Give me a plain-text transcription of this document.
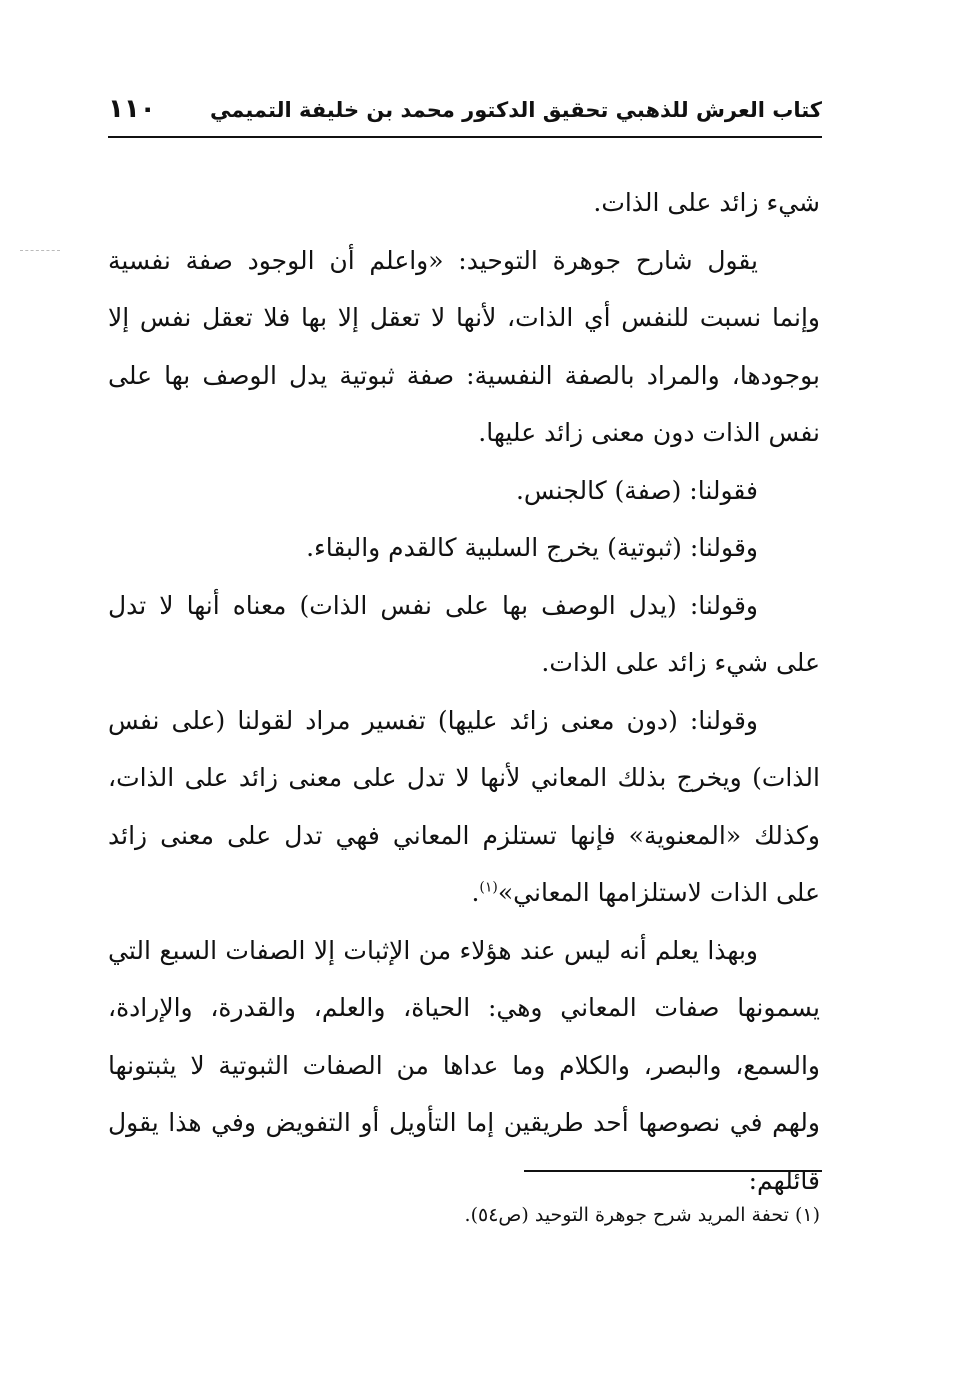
كتاب العرش للذهبي تحقيق الدكتور محمد بن خليفة التميمي
١١٠

شيء زائد على الذات.

يقول شارح جوهرة التوحيد: «واعلم أن الوجود صفة نفسية وإنما نسبت للنفس أي الذات، لأنها لا تعقل إلا بها فلا تعقل نفس إلا بوجودها، والمراد بالصفة النفسية: صفة ثبوتية يدل الوصف بها على نفس الذات دون معنى زائد عليها.

فقولنا: (صفة) كالجنس.

وقولنا: (ثبوتية) يخرج السلبية كالقدم والبقاء.

وقولنا: (يدل الوصف بها على نفس الذات) معناه أنها لا تدل على شيء زائد على الذات.

وقولنا: (دون معنى زائد عليها) تفسير مراد لقولنا (على نفس الذات) ويخرج بذلك المعاني لأنها لا تدل على معنى زائد على الذات، وكذلك «المعنوية» فإنها تستلزم المعاني فهي تدل على معنى زائد على الذات لاستلزامها المعاني»$^{(١)}$.

وبهذا يعلم أنه ليس عند هؤلاء من الإثبات إلا الصفات السبع التي يسمونها صفات المعاني وهي: الحياة، والعلم، والقدرة، والإرادة، والسمع، والبصر، والكلام وما عداها من الصفات الثبوتية لا يثبتونها ولهم في نصوصها أحد طريقين إما التأويل أو التفويض وفي هذا يقول قائلهم:

(١) تحفة المريد شرح جوهرة التوحيد (ص٥٤).
